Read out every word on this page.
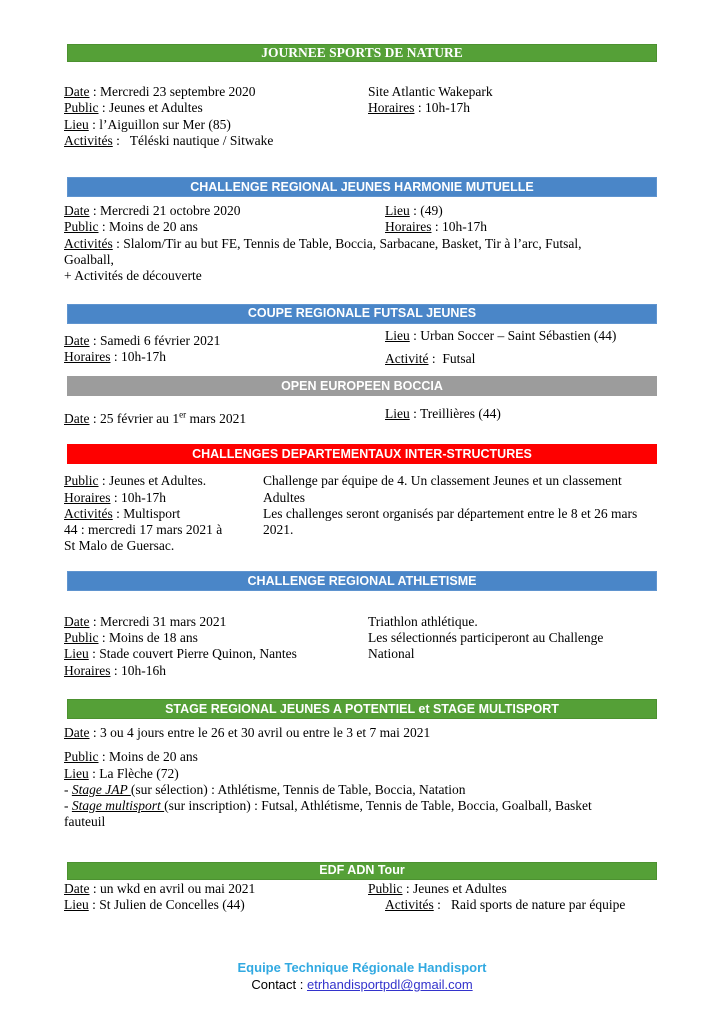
JOURNEE SPORTS DE NATURE
Date : Mercredi 23 septembre 2020
Public : Jeunes et Adultes
Lieu : l’Aiguillon sur Mer (85)
Activités :   Téléski nautique / Sitwake
Site Atlantic Wakepark
Horaires : 10h-17h
CHALLENGE REGIONAL JEUNES HARMONIE MUTUELLE
Date : Mercredi 21 octobre 2020
Public : Moins de 20 ans
Lieu : (49)
Horaires : 10h-17h
Activités : Slalom/Tir au but FE, Tennis de Table, Boccia, Sarbacane, Basket, Tir à l’arc, Futsal,
Goalball,
+ Activités de découverte
COUPE REGIONALE FUTSAL JEUNES
Date : Samedi 6 février 2021
Horaires : 10h-17h
Lieu : Urban Soccer – Saint Sébastien (44)
Activité :  Futsal
OPEN EUROPEEN BOCCIA
Date : 25 février au 1er mars 2021	Lieu : Treillières (44)
CHALLENGES DEPARTEMENTAUX INTER-STRUCTURES
Public : Jeunes et Adultes.
Horaires : 10h-17h
Activités : Multisport
44 : mercredi 17 mars 2021 à
St Malo de Guersac.
Challenge par équipe de 4. Un classement Jeunes et un classement
Adultes
Les challenges seront organisés par département entre le 8 et 26 mars
2021.
CHALLENGE REGIONAL ATHLETISME
Date : Mercredi 31 mars 2021
Public : Moins de 18 ans
Lieu : Stade couvert Pierre Quinon, Nantes
Horaires : 10h-16h
Triathlon athlétique.
Les sélectionnés participeront au Challenge
National
STAGE REGIONAL JEUNES A POTENTIEL et STAGE MULTISPORT
Date : 3 ou 4 jours entre le 26 et 30 avril ou entre le 3 et 7 mai 2021
Public : Moins de 20 ans
Lieu : La Flèche (72)
- Stage JAP (sur sélection) : Athlétisme, Tennis de Table, Boccia, Natation
- Stage multisport (sur inscription) : Futsal, Athlétisme, Tennis de Table, Boccia, Goalball, Basket
fauteuil
EDF ADN Tour
Date : un wkd en avril ou mai 2021
Lieu : St Julien de Concelles (44)
Public : Jeunes et Adultes
Activités :   Raid sports de nature par équipe
Equipe Technique Régionale Handisport
Contact : etrhandisportpdl@gmail.com
